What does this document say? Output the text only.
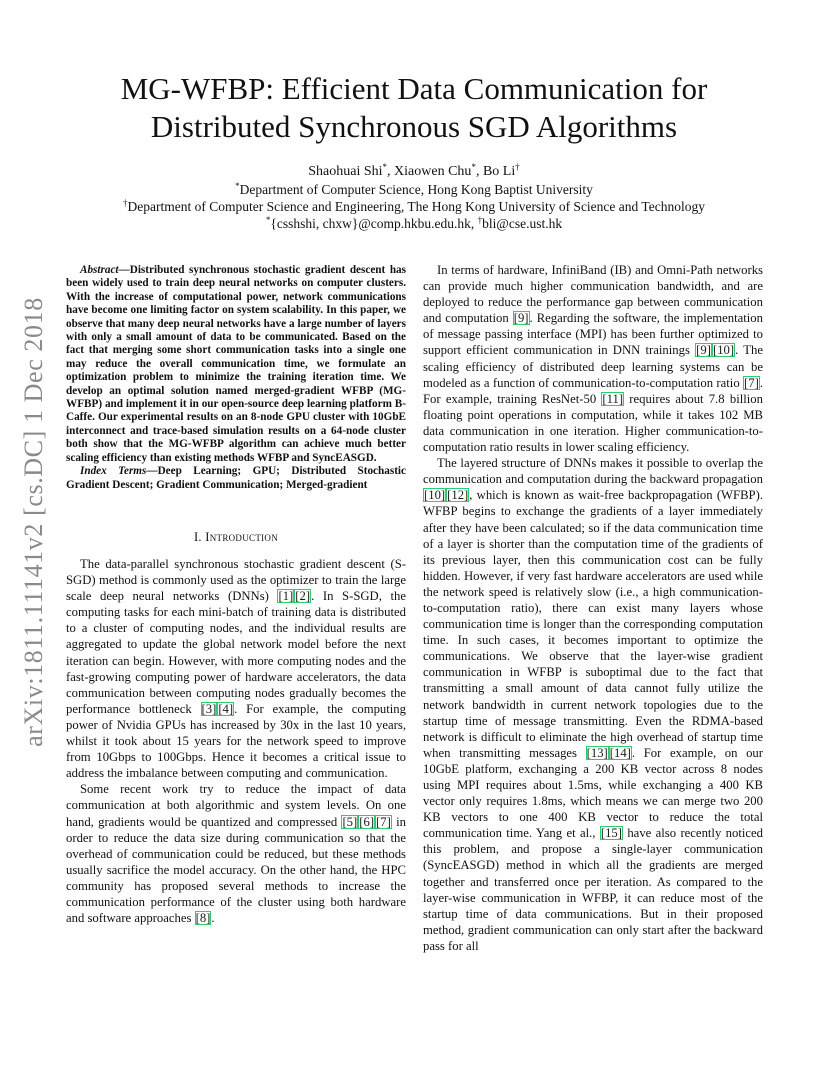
arXiv:1811.11141v2 [cs.DC] 1 Dec 2018
MG-WFBP: Efficient Data Communication for
Distributed Synchronous SGD Algorithms
Shaohuai Shi*, Xiaowen Chu*, Bo Li†
*Department of Computer Science, Hong Kong Baptist University
†Department of Computer Science and Engineering, The Hong Kong University of Science and Technology
*{csshshi, chxw}@comp.hkbu.edu.hk, †bli@cse.ust.hk

Abstract—Distributed synchronous stochastic gradient descent has been widely used to train deep neural networks on computer clusters. With the increase of computational power, network communications have become one limiting factor on system scalability. In this paper, we observe that many deep neural networks have a large number of layers with only a small amount of data to be communicated. Based on the fact that merging some short communication tasks into a single one may reduce the overall communication time, we formulate an optimization problem to minimize the training iteration time. We develop an optimal solution named merged-gradient WFBP (MG-WFBP) and implement it in our open-source deep learning platform B-Caffe. Our experimental results on an 8-node GPU cluster with 10GbE interconnect and trace-based simulation results on a 64-node cluster both show that the MG-WFBP algorithm can achieve much better scaling efficiency than existing methods WFBP and SyncEASGD.

Index Terms—Deep Learning; GPU; Distributed Stochastic Gradient Descent; Gradient Communication; Merged-gradient

I. Introduction

The data-parallel synchronous stochastic gradient descent (S-SGD) method is commonly used as the optimizer to train the large scale deep neural networks (DNNs) [1] [2]. In S-SGD, the computing tasks for each mini-batch of training data is distributed to a cluster of computing nodes, and the individual results are aggregated to update the global network model before the next iteration can begin. However, with more computing nodes and the fast-growing computing power of hardware accelerators, the data communication between computing nodes gradually becomes the performance bottleneck [3] [4]. For example, the computing power of Nvidia GPUs has increased by 30x in the last 10 years, whilst it took about 15 years for the network speed to improve from 10Gbps to 100Gbps. Hence it becomes a critical issue to address the imbalance between computing and communication.

Some recent work try to reduce the impact of data communication at both algorithmic and system levels. On one hand, gradients would be quantized and compressed [5] [6] [7] in order to reduce the data size during communication so that the overhead of communication could be reduced, but these methods usually sacrifice the model accuracy. On the other hand, the HPC community has proposed several methods to increase the communication performance of the cluster using both hardware and software approaches [8].

In terms of hardware, InfiniBand (IB) and Omni-Path networks can provide much higher communication bandwidth, and are deployed to reduce the performance gap between communication and computation [9]. Regarding the software, the implementation of message passing interface (MPI) has been further optimized to support efficient communication in DNN trainings [9] [10]. The scaling efficiency of distributed deep learning systems can be modeled as a function of communication-to-computation ratio [7]. For example, training ResNet-50 [11] requires about 7.8 billion floating point operations in computation, while it takes 102 MB data communication in one iteration. Higher communication-to-computation ratio results in lower scaling efficiency.

The layered structure of DNNs makes it possible to overlap the communication and computation during the backward propagation [10] [12], which is known as wait-free backpropagation (WFBP). WFBP begins to exchange the gradients of a layer immediately after they have been calculated; so if the data communication time of a layer is shorter than the computation time of the gradients of its previous layer, then this communication cost can be fully hidden. However, if very fast hardware accelerators are used while the network speed is relatively slow (i.e., a high communication-to-computation ratio), there can exist many layers whose communication time is longer than the corresponding computation time. In such cases, it becomes important to optimize the communications. We observe that the layer-wise gradient communication in WFBP is suboptimal due to the fact that transmitting a small amount of data cannot fully utilize the network bandwidth in current network topologies due to the startup time of message transmitting. Even the RDMA-based network is difficult to eliminate the high overhead of startup time when transmitting messages [13] [14]. For example, on our 10GbE platform, exchanging a 200 KB vector across 8 nodes using MPI requires about 1.5ms, while exchanging a 400 KB vector only requires 1.8ms, which means we can merge two 200 KB vectors to one 400 KB vector to reduce the total communication time. Yang et al., [15] have also recently noticed this problem, and propose a single-layer communication (SyncEASGD) method in which all the gradients are merged together and transferred once per iteration. As compared to the layer-wise communication in WFBP, it can reduce most of the startup time of data communications. But in their proposed method, gradient communication can only start after the backward pass for all
